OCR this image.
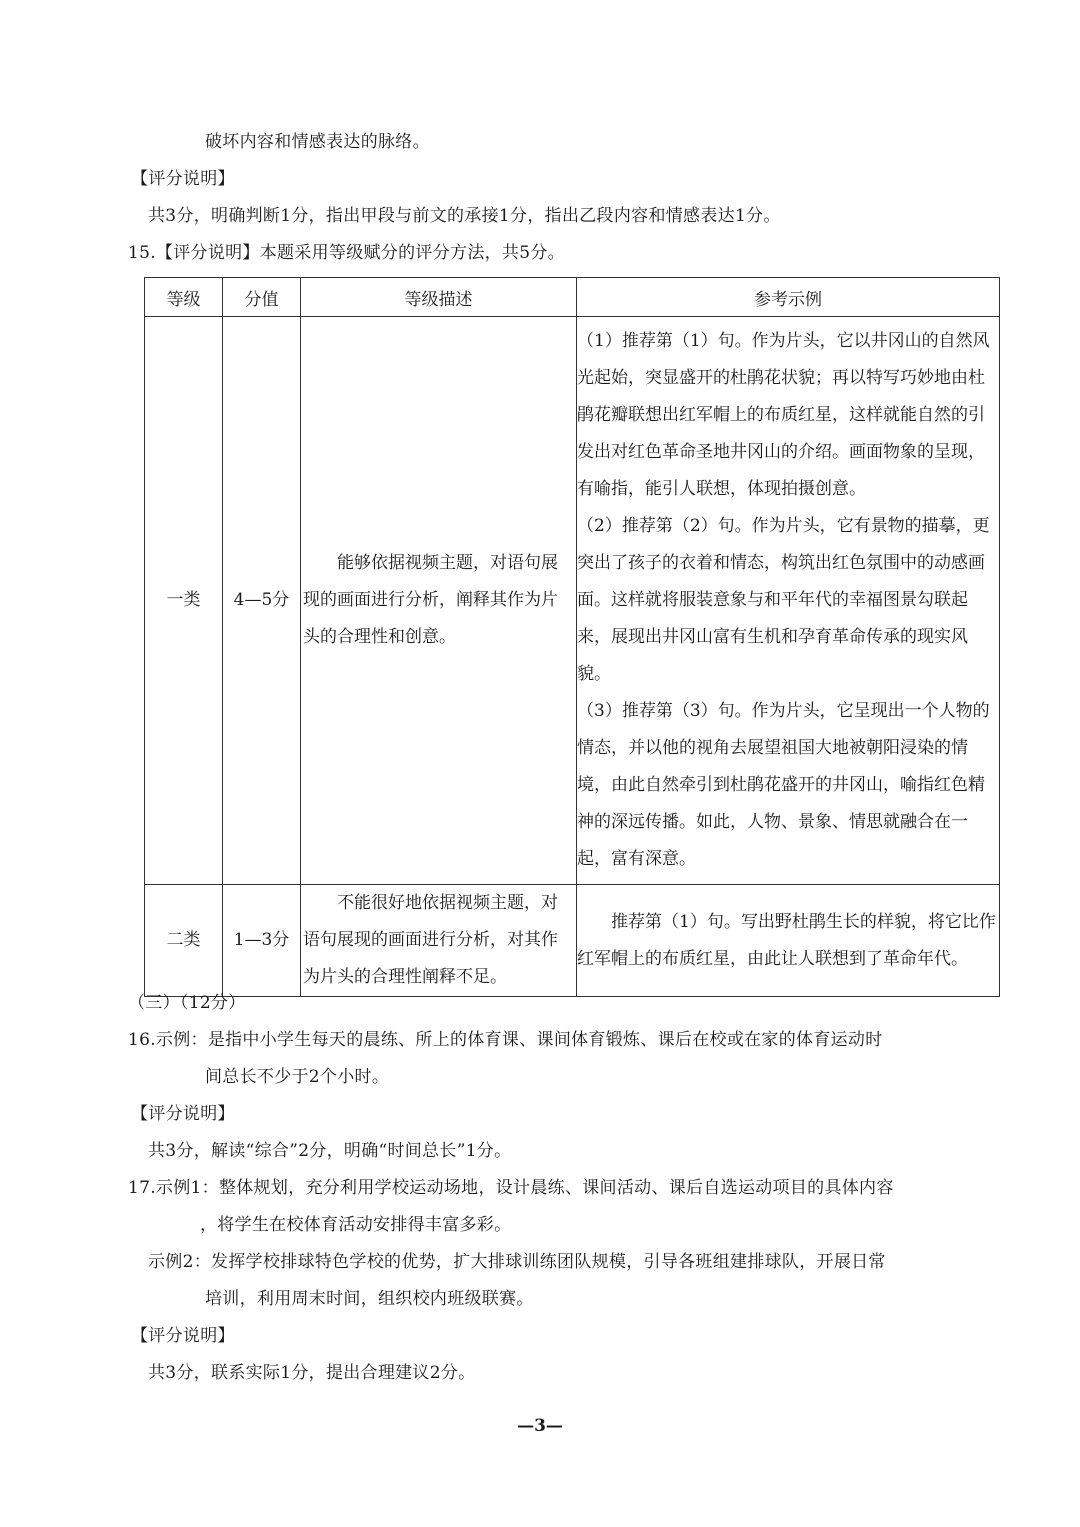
破坏内容和情感表达的脉络。
【评分说明】
共3分，明确判断1分，指出甲段与前文的承接1分，指出乙段内容和情感表达1分。
15.【评分说明】本题采用等级赋分的评分方法，共5分。
等级	分值	等级描述	参考示例
一类	4—5分	能够依据视频主题，对语句展现的画面进行分析，阐释其作为片头的合理性和创意。	（1）推荐第（1）句。作为片头，它以井冈山的自然风光起始，突显盛开的杜鹃花状貌；再以特写巧妙地由杜鹃花瓣联想出红军帽上的布质红星，这样就能自然的引发出对红色革命圣地井冈山的介绍。画面物象的呈现，有喻指，能引人联想，体现拍摄创意。

（2）推荐第（2）句。作为片头，它有景物的描摹，更突出了孩子的衣着和情态，构筑出红色氛围中的动感画面。这样就将服装意象与和平年代的幸福图景勾联起来，展现出井冈山富有生机和孕育革命传承的现实风貌。

（3）推荐第（3）句。作为片头，它呈现出一个人物的情态，并以他的视角去展望祖国大地被朝阳浸染的情境，由此自然牵引到杜鹃花盛开的井冈山，喻指红色精神的深远传播。如此，人物、景象、情思就融合在一起，富有深意。

二类	1—3分	不能很好地依据视频主题，对语句展现的画面进行分析，对其作为片头的合理性阐释不足。	推荐第（1）句。写出野杜鹃生长的样貌，将它比作红军帽上的布质红星，由此让人联想到了革命年代。

（三）（12分）
16.示例：是指中小学生每天的晨练、所上的体育课、课间体育锻炼、课后在校或在家的体育运动时
间总长不少于2个小时。
【评分说明】
共3分，解读“综合”2分，明确“时间总长”1分。
17.示例1：整体规划，充分利用学校运动场地，设计晨练、课间活动、课后自选运动项目的具体内容
，将学生在校体育活动安排得丰富多彩。
示例2：发挥学校排球特色学校的优势，扩大排球训练团队规模，引导各班组建排球队，开展日常
培训，利用周末时间，组织校内班级联赛。
【评分说明】
共3分，联系实际1分，提出合理建议2分。
—3—
